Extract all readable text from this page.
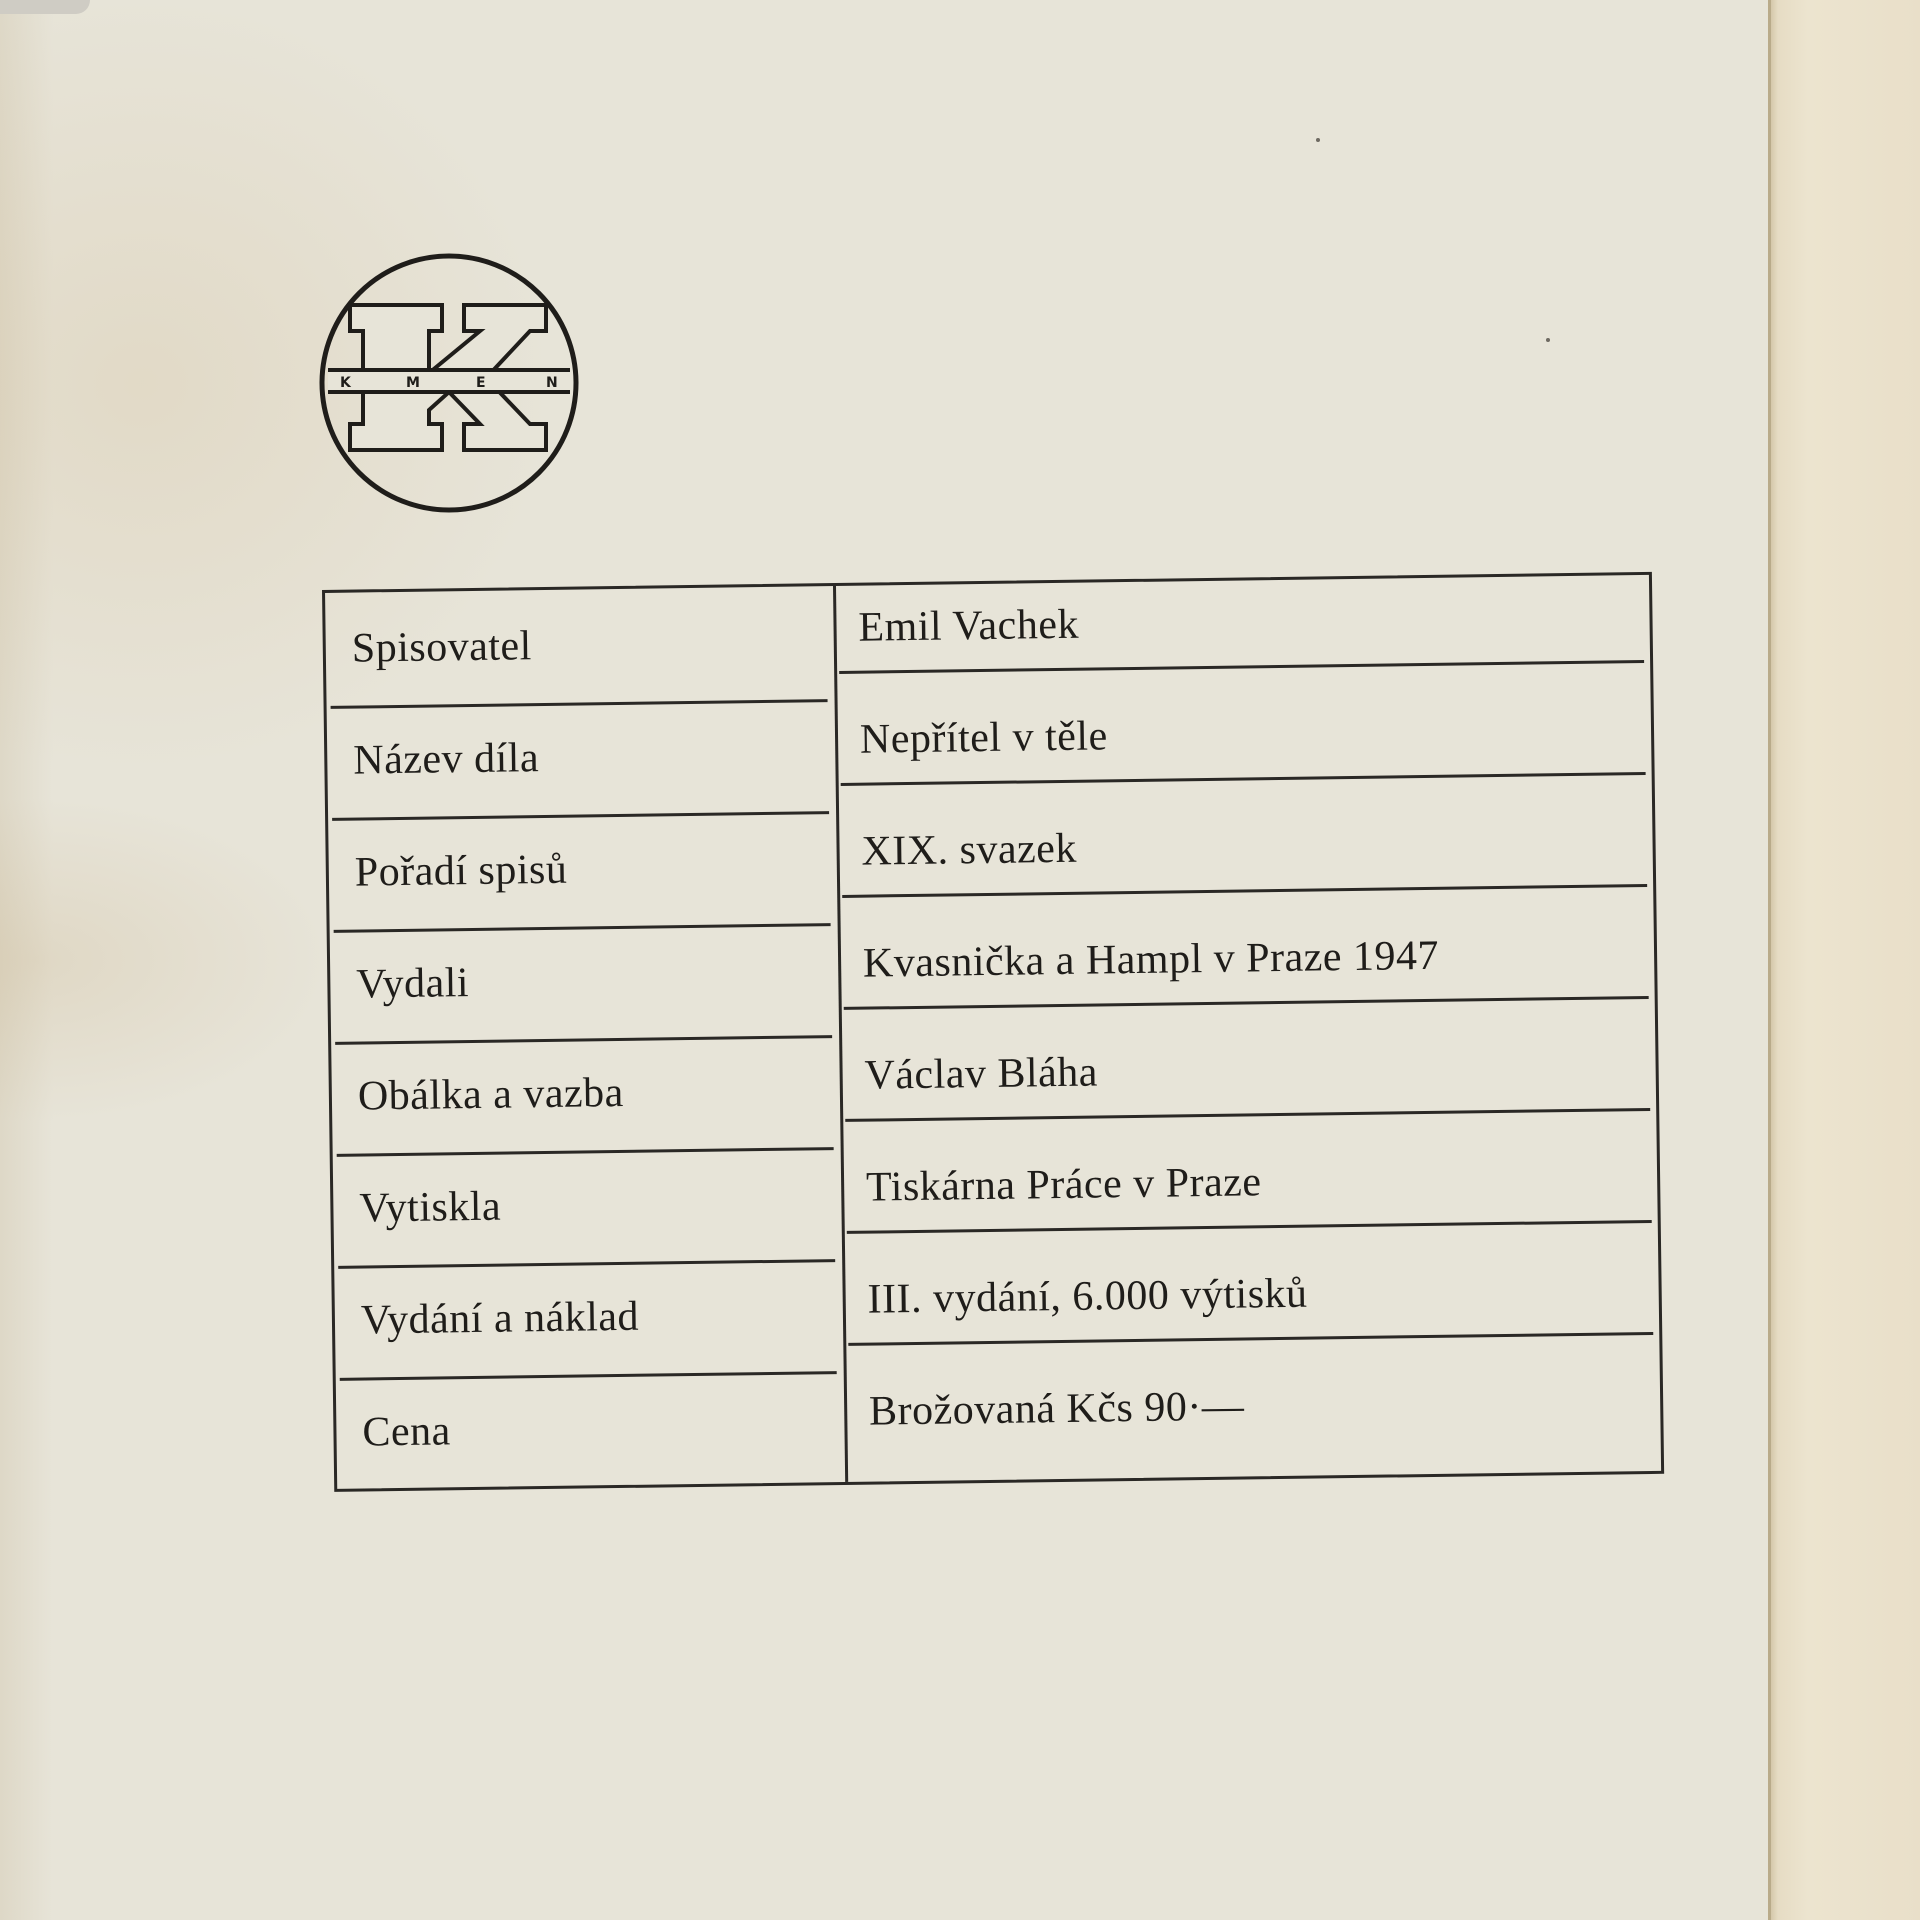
K	M	E	N
Spisovatel	Emil Vachek
Název díla	Nepřítel v těle
Pořadí spisů	XIX. svazek
Vydali	Kvasnička a Hampl v Praze 1947
Obálka a vazba	Václav Bláha
Vytiskla	Tiskárna Práce v Praze
Vydání a náklad	III. vydání, 6.000 výtisků
Cena	Brožovaná Kčs 90·—
